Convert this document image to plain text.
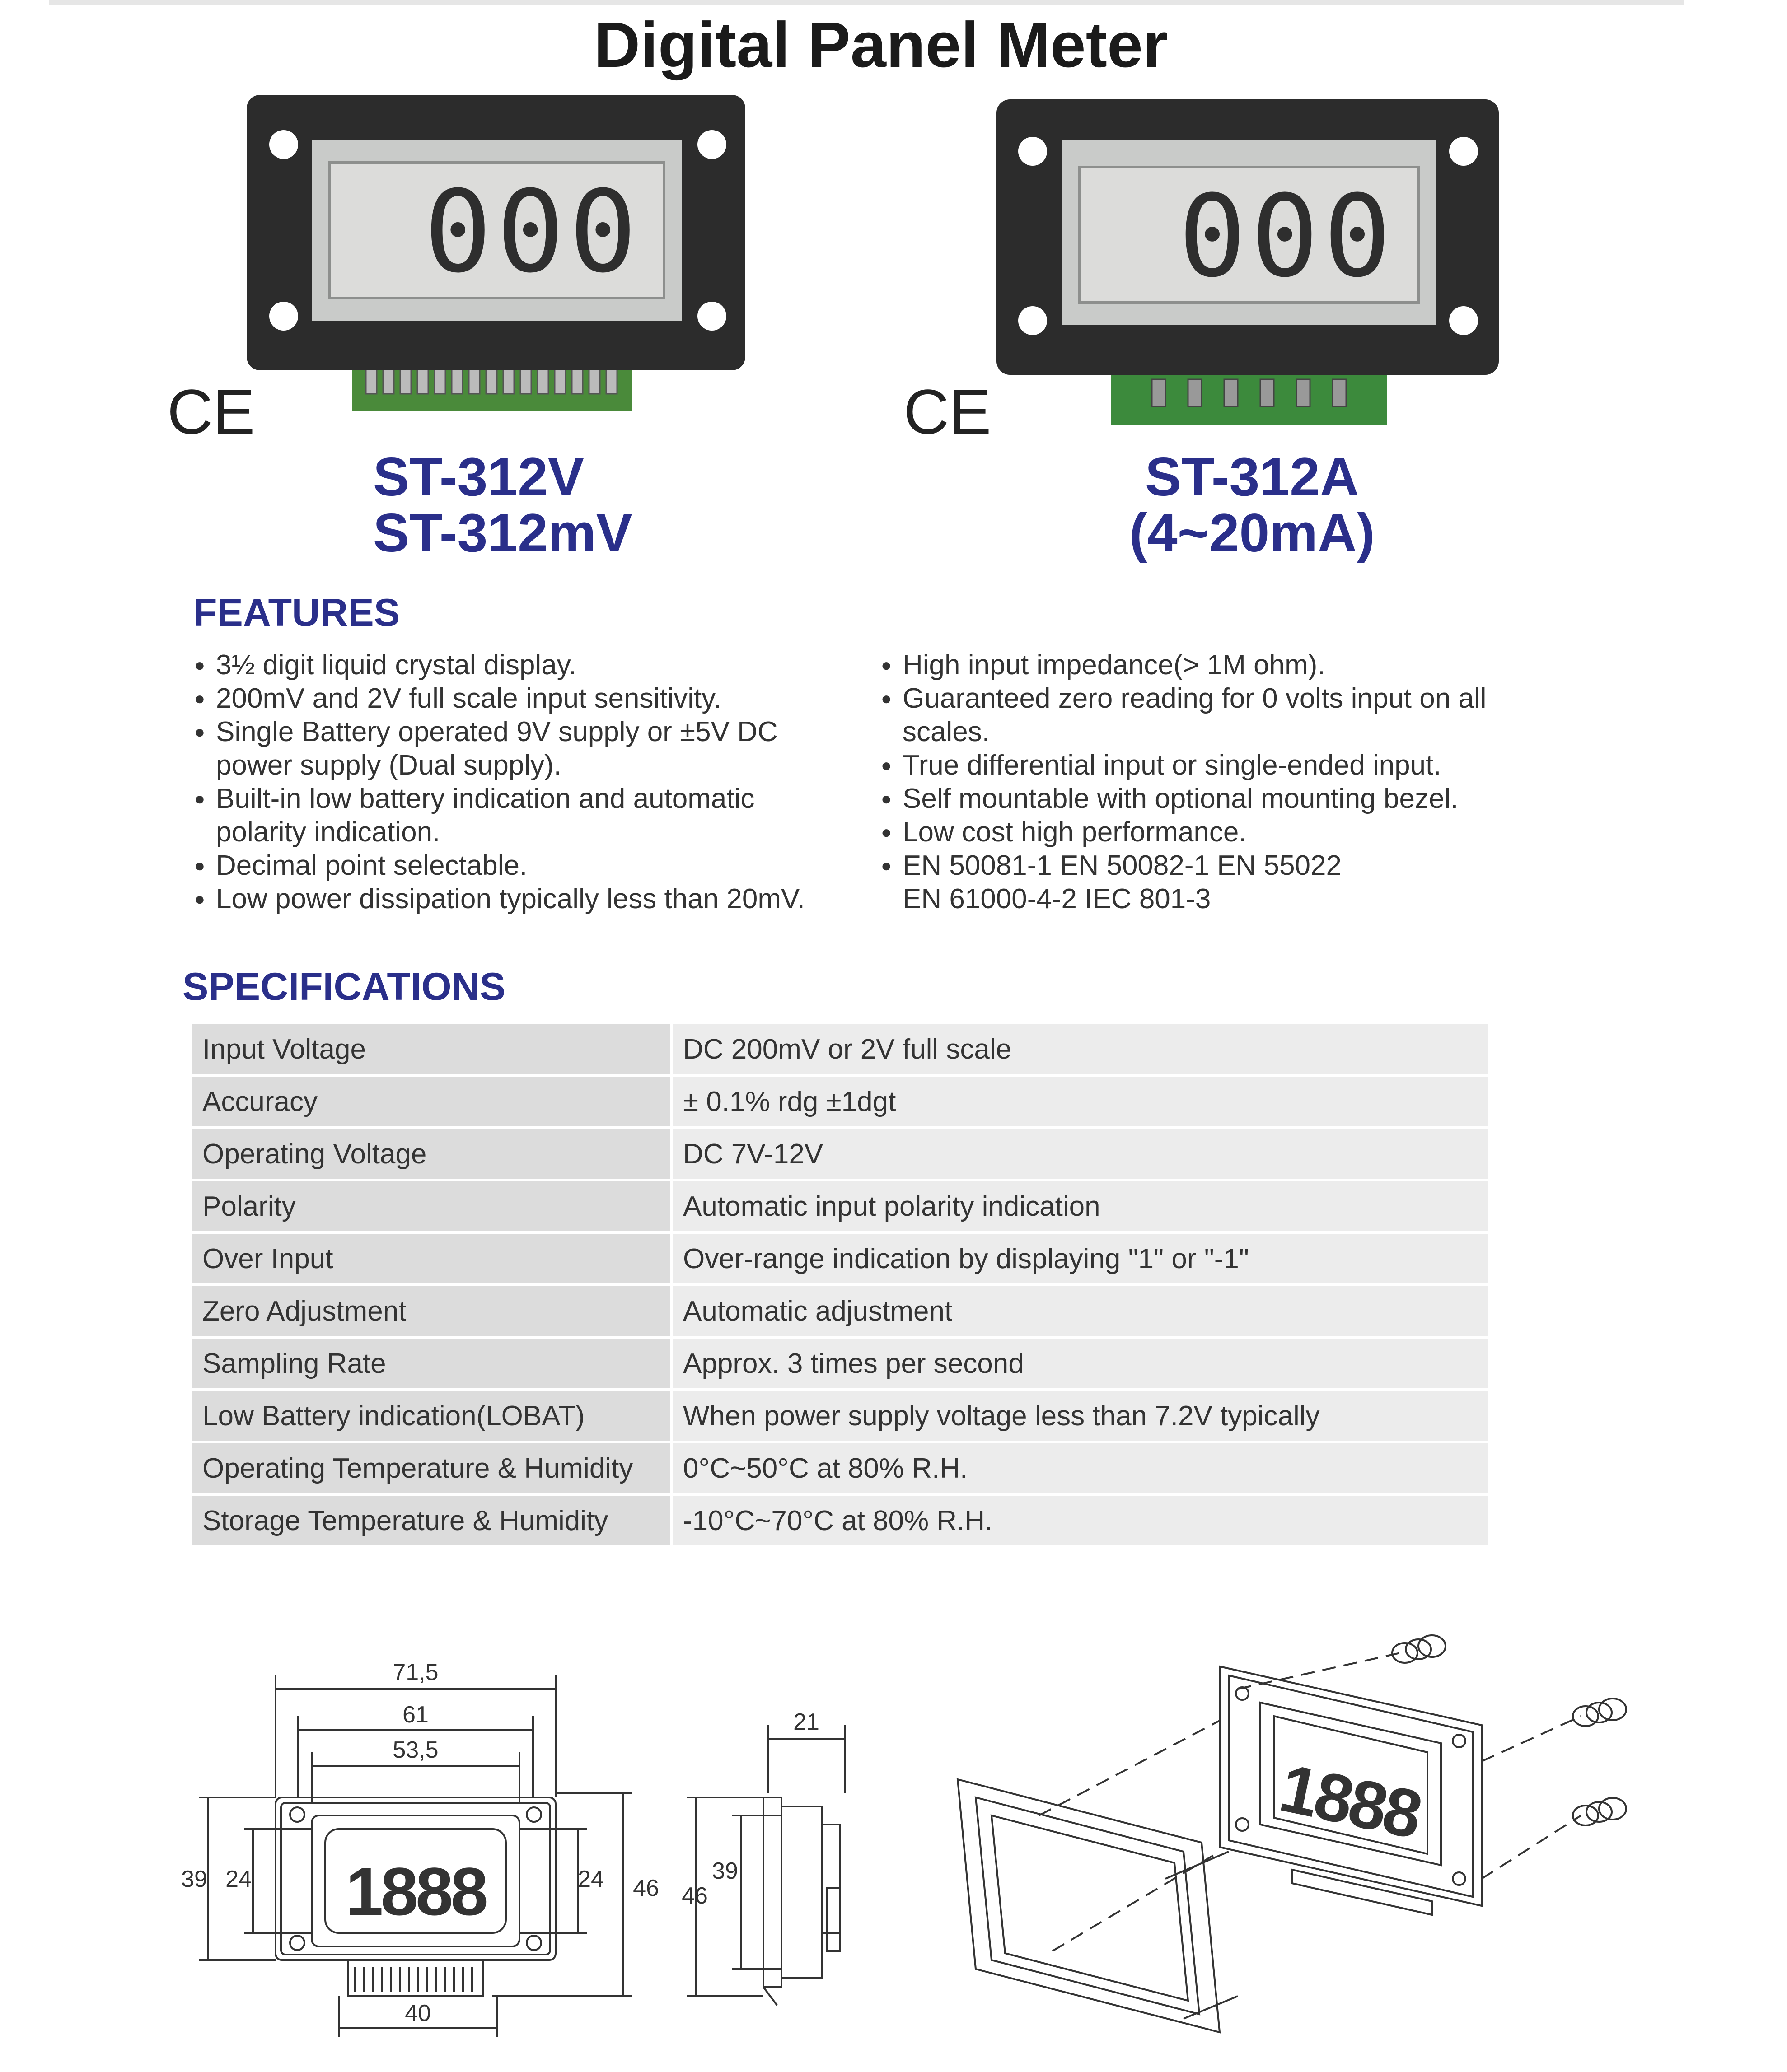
Digital Panel Meter
000
CE
000
CE
ST-312V
ST-312mV
ST-312A
(4~20mA)
FEATURES
● 3½ digit liquid crystal display.
● 200mV and 2V full scale input sensitivity.
● Single Battery operated 9V supply or ±5V DC power supply (Dual supply).
● Built-in low battery indication and automatic polarity indication.
● Decimal point selectable.
● Low power dissipation typically less than 20mV.
● High input impedance(> 1M ohm).
● Guaranteed zero reading for 0 volts input on all scales.
● True differential input or single-ended input.
● Self mountable with optional mounting bezel.
● Low cost high performance.
● EN 50081-1 EN 50082-1 EN 55022 EN 61000-4-2 IEC 801-3
SPECIFICATIONS
Input Voltage	DC 200mV or 2V full scale
Accuracy	± 0.1% rdg ±1dgt
Operating Voltage	DC 7V-12V
Polarity	Automatic input polarity indication
Over Input	Over-range indication by displaying "1" or "-1"
Zero Adjustment	Automatic adjustment
Sampling Rate	Approx. 3 times per second
Low Battery indication(LOBAT)	When power supply voltage less than 7.2V typically
Operating Temperature & Humidity	0°C~50°C at 80% R.H.
Storage Temperature & Humidity	-10°C~70°C at 80% R.H.
71,5
61
53,5
39 24	24 46
40
1888
21
46
39
1888
